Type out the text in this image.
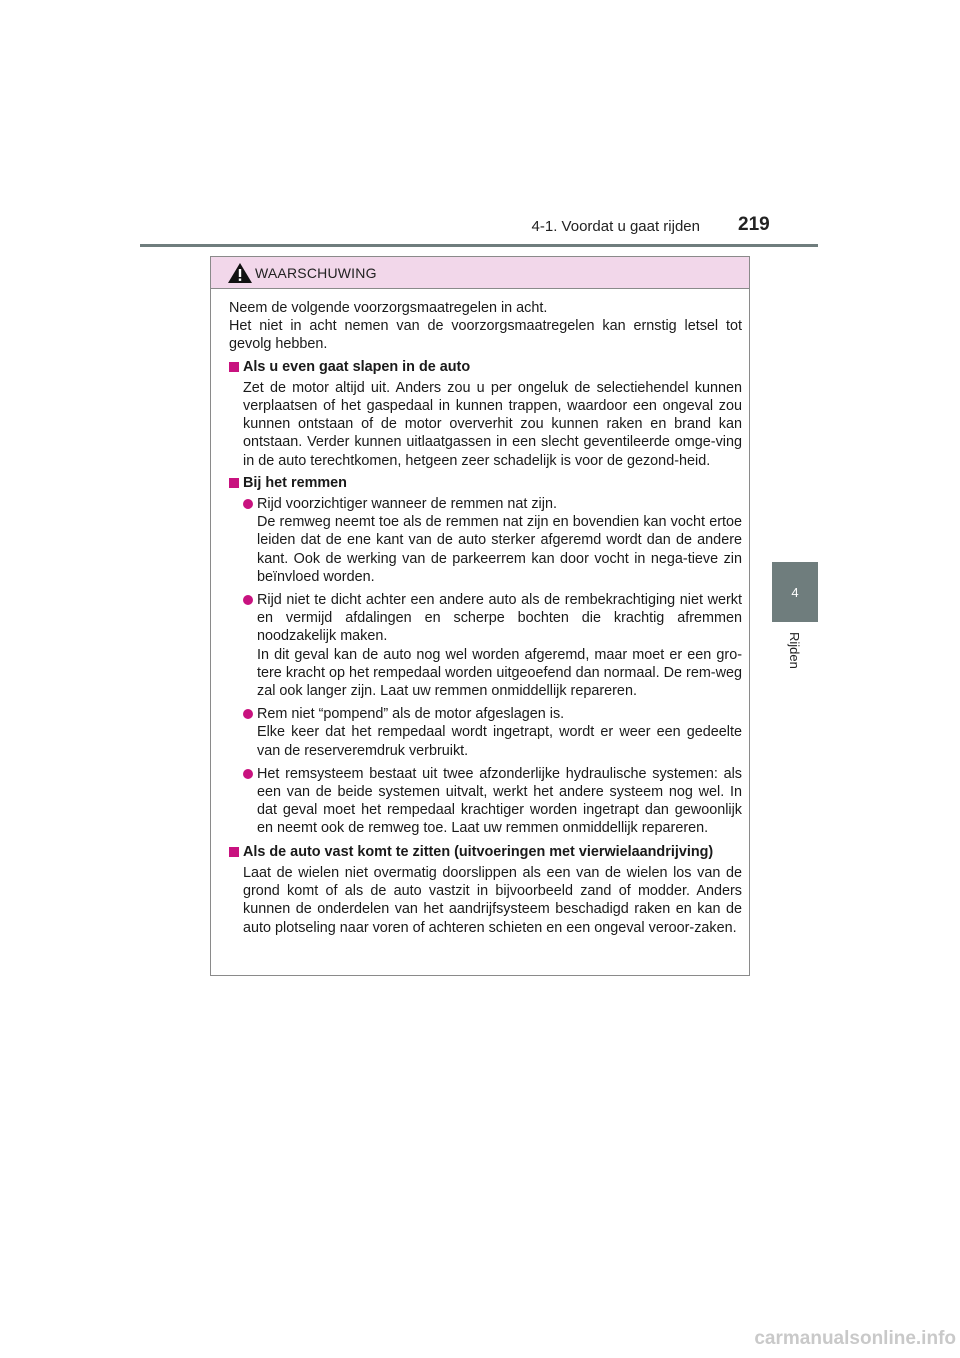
4-1. Voordat u gaat rijden 219
4
Rijden
WAARSCHUWING

Neem de volgende voorzorgsmaatregelen in acht.
Het niet in acht nemen van de voorzorgsmaatregelen kan ernstig letsel tot gevolg hebben.

Als u even gaat slapen in de auto

Zet de motor altijd uit. Anders zou u per ongeluk de selectiehendel kunnen verplaatsen of het gaspedaal in kunnen trappen, waardoor een ongeval zou kunnen ontstaan of de motor oververhit zou kunnen raken en brand kan ontstaan. Verder kunnen uitlaatgassen in een slecht geventileerde omge-ving in de auto terechtkomen, hetgeen zeer schadelijk is voor de gezond-heid.

Bij het remmen

Rijd voorzichtiger wanneer de remmen nat zijn.

De remweg neemt toe als de remmen nat zijn en bovendien kan vocht ertoe leiden dat de ene kant van de auto sterker afgeremd wordt dan de andere kant. Ook de werking van de parkeerrem kan door vocht in nega-tieve zin beïnvloed worden.

Rijd niet te dicht achter een andere auto als de rembekrachtiging niet werkt en vermijd afdalingen en scherpe bochten die krachtig afremmen noodzakelijk maken.

In dit geval kan de auto nog wel worden afgeremd, maar moet er een gro-tere kracht op het rempedaal worden uitgeoefend dan normaal. De rem-weg zal ook langer zijn. Laat uw remmen onmiddellijk repareren.

Rem niet “pompend” als de motor afgeslagen is.

Elke keer dat het rempedaal wordt ingetrapt, wordt er weer een gedeelte van de reserveremdruk verbruikt.

Het remsysteem bestaat uit twee afzonderlijke hydraulische systemen: als een van de beide systemen uitvalt, werkt het andere systeem nog wel. In dat geval moet het rempedaal krachtiger worden ingetrapt dan gewoonlijk en neemt ook de remweg toe. Laat uw remmen onmiddellijk repareren.

Als de auto vast komt te zitten (uitvoeringen met vierwielaandrijving)

Laat de wielen niet overmatig doorslippen als een van de wielen los van de grond komt of als de auto vastzit in bijvoorbeeld zand of modder. Anders kunnen de onderdelen van het aandrijfsysteem beschadigd raken en kan de auto plotseling naar voren of achteren schieten en een ongeval veroor-zaken.

carmanualsonline.info
